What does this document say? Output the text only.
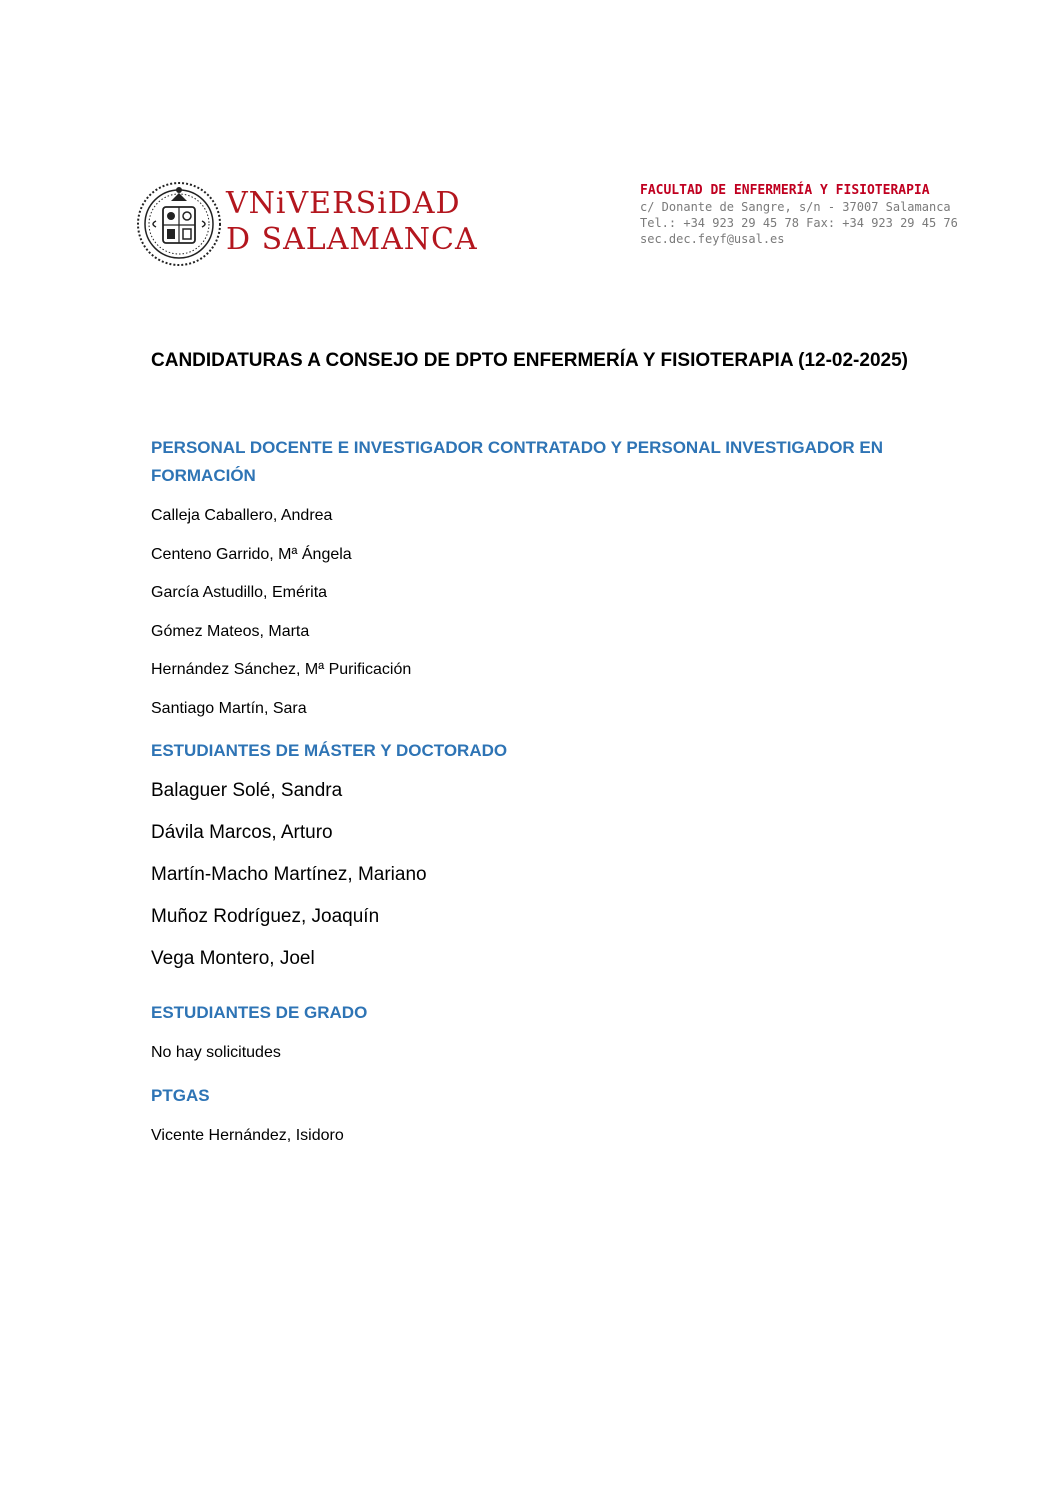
VNiVERSiDAD
D SALAMANCA
FACULTAD DE ENFERMERÍA Y FISIOTERAPIA
c/ Donante de Sangre, s/n - 37007 Salamanca
Tel.: +34 923 29 45 78 Fax: +34 923 29 45 76
sec.dec.feyf@usal.es
CANDIDATURAS A CONSEJO DE DPTO ENFERMERÍA Y FISIOTERAPIA (12-02-2025)
PERSONAL DOCENTE E INVESTIGADOR CONTRATADO Y PERSONAL INVESTIGADOR EN
FORMACIÓN
Calleja Caballero, Andrea
Centeno Garrido, Mª Ángela
García Astudillo, Emérita
Gómez Mateos, Marta
Hernández Sánchez, Mª Purificación
Santiago Martín, Sara
ESTUDIANTES DE MÁSTER Y DOCTORADO
Balaguer Solé, Sandra
Dávila Marcos, Arturo
Martín-Macho Martínez, Mariano
Muñoz Rodríguez, Joaquín
Vega Montero, Joel
ESTUDIANTES DE GRADO
No hay solicitudes
PTGAS
Vicente Hernández, Isidoro
